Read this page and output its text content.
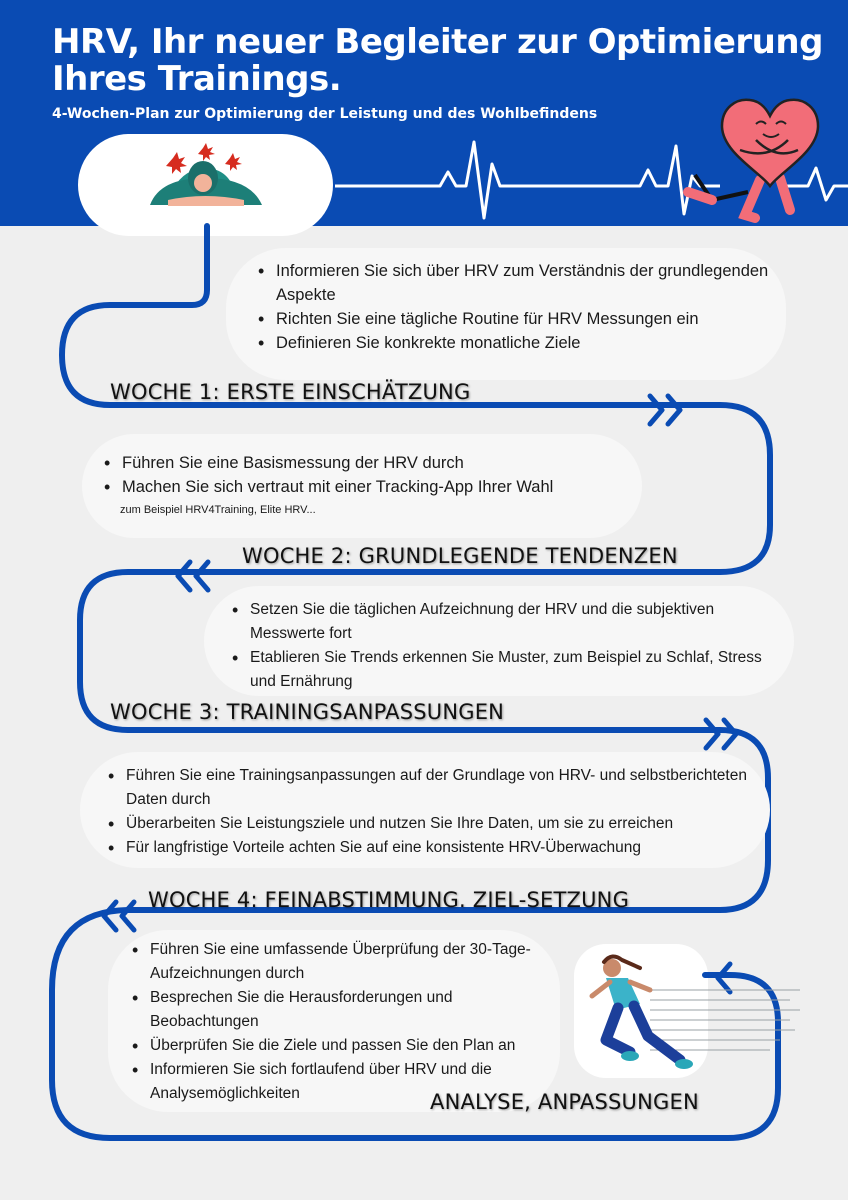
HRV, Ihr neuer Begleiter zur Optimierung Ihres Trainings.
4-Wochen-Plan zur Optimierung der Leistung und des Wohlbefindens
• Informieren Sie sich über HRV zum Verständnis der grundlegenden Aspekte
• Richten Sie eine tägliche Routine für HRV Messungen ein
• Definieren Sie konkrekte monatliche Ziele
WOCHE 1: ERSTE EINSCHÄTZUNG
• Führen Sie eine Basismessung der HRV durch
• Machen Sie sich vertraut mit einer Tracking-App Ihrer Wahl
zum Beispiel HRV4Training, Elite HRV...
WOCHE 2: GRUNDLEGENDE TENDENZEN
• Setzen Sie die täglichen Aufzeichnung der HRV und die subjektiven Messwerte fort
• Etablieren Sie Trends erkennen Sie Muster, zum Beispiel zu Schlaf, Stress und Ernährung
WOCHE 3: TRAININGSANPASSUNGEN
• Führen Sie eine Trainingsanpassungen auf der Grundlage von HRV- und selbstberichteten Daten durch
• Überarbeiten Sie Leistungsziele und nutzen Sie Ihre Daten, um sie zu erreichen
• Für langfristige Vorteile achten Sie auf eine konsistente HRV-Überwachung
WOCHE 4: FEINABSTIMMUNG. ZIEL-SETZUNG
• Führen Sie eine umfassende Überprüfung der 30-Tage-Aufzeichnungen durch
• Besprechen Sie die Herausforderungen und Beobachtungen
• Überprüfen Sie die Ziele und passen Sie den Plan an
• Informieren Sie sich fortlaufend über HRV und die Analysemöglichkeiten	ANALYSE, ANPASSUNGEN
